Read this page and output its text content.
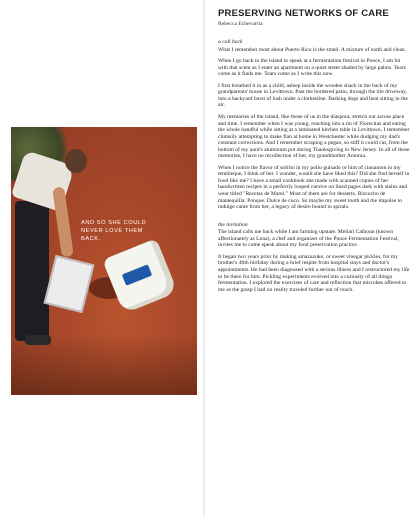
AND SO SHE COULD NEVER LOVE THEM BACK.
PRESERVING NETWORKS OF CARE

Rebecca Echevarria

a call back

What I remember most about Puerto Rico is the smell. A mixture of earth and clean.

When I go back to the island to speak at a fermentation festival in Ponce, I am hit with that scent as I enter an apartment on a quiet street shaded by large palms. Tears come as it finds me. Tears come as I write this now.

I first breathed it in as a child, asleep inside the wooden shack in the back of my grandparents' house in Levittown. Past the bordered patio, through the tile driveway, into a backyard burst of lush under a clothesline. Barking dogs and heat sitting in the air.

My memories of the island, like those of us in the diaspora, stretch out across place and time. I remember when I was young, reaching into a tin of Florecitas and eating the whole handful while sitting at a laminated kitchen table in Levittown. I remember clumsily attempting to make flan at home in Westchester while dodging my dad's constant corrections. And I remember scraping a pegao, so stiff it could cut, from the bottom of my aunt's aluminum pot during Thanksgiving in New Jersey. In all of these memories, I have no recollection of her, my grandmother Antonia.

When I notice the flavor of sofrito in my pollo guisado or hint of cinnamon in my tembleque, I think of her. I wonder, would she have liked this? Did she find herself in food like me? I have a small cookbook she made with scanned copies of her handwritten recipes in a perfectly looped cursive on lined pages dark with stains and wear titled "Recetas de Mami." Most of them are for desserts. Bizcocho de mantequilla. Ponque. Dulce de coco. So maybe my sweet tooth and the impulse to indulge came from her, a legacy of desire bound in spirals.

the invitation

The island calls me back while I am farming upstate. Meliari Calhoun (known affectionately as Lona), a chef and organizer of the Ponce Fermentation Festival, invites me to come speak about my food preservation practice.

It began two years prior by making amazuzuke, or sweet vinegar pickles, for my brother's 40th birthday during a brief respite from hospital stays and doctor's appointments. He had been diagnosed with a serious illness and I restructured my life to be there for him. Pickling experiments evolved into a curiosity of all things fermentation. I explored the exercises of care and reflection that microbes offered to me as the grasp I had on reality traveled further out of reach.
